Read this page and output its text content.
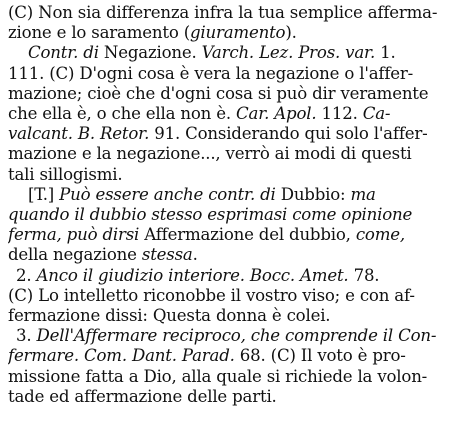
(C) Non sia differenza infra la tua semplice afferma-
zione e lo saramento (giuramento).
Contr. di Negazione. Varch. Lez. Pros. var. 1.
111. (C) D'ogni cosa è vera la negazione o l'affer-
mazione; cioè che d'ogni cosa si può dir veramente
che ella è, o che ella non è. Car. Apol. 112. Ca-
valcant. B. Retor. 91. Considerando qui solo l'affer-
mazione e la negazione..., verrò ai modi di questi
tali sillogismi.
[T.] Può essere anche contr. di Dubbio: ma
quando il dubbio stesso esprimasi come opinione
ferma, può dirsi Affermazione del dubbio, come,
della negazione stessa.
2. Anco il giudizio interiore. Bocc. Amet. 78.
(C) Lo intelletto riconobbe il vostro viso; e con af-
fermazione dissi: Questa donna è colei.
3. Dell'Affermare reciproco, che comprende il Con-
fermare. Com. Dant. Parad. 68. (C) Il voto è pro-
missione fatta a Dio, alla quale si richiede la volon-
tade ed affermazione delle parti.
